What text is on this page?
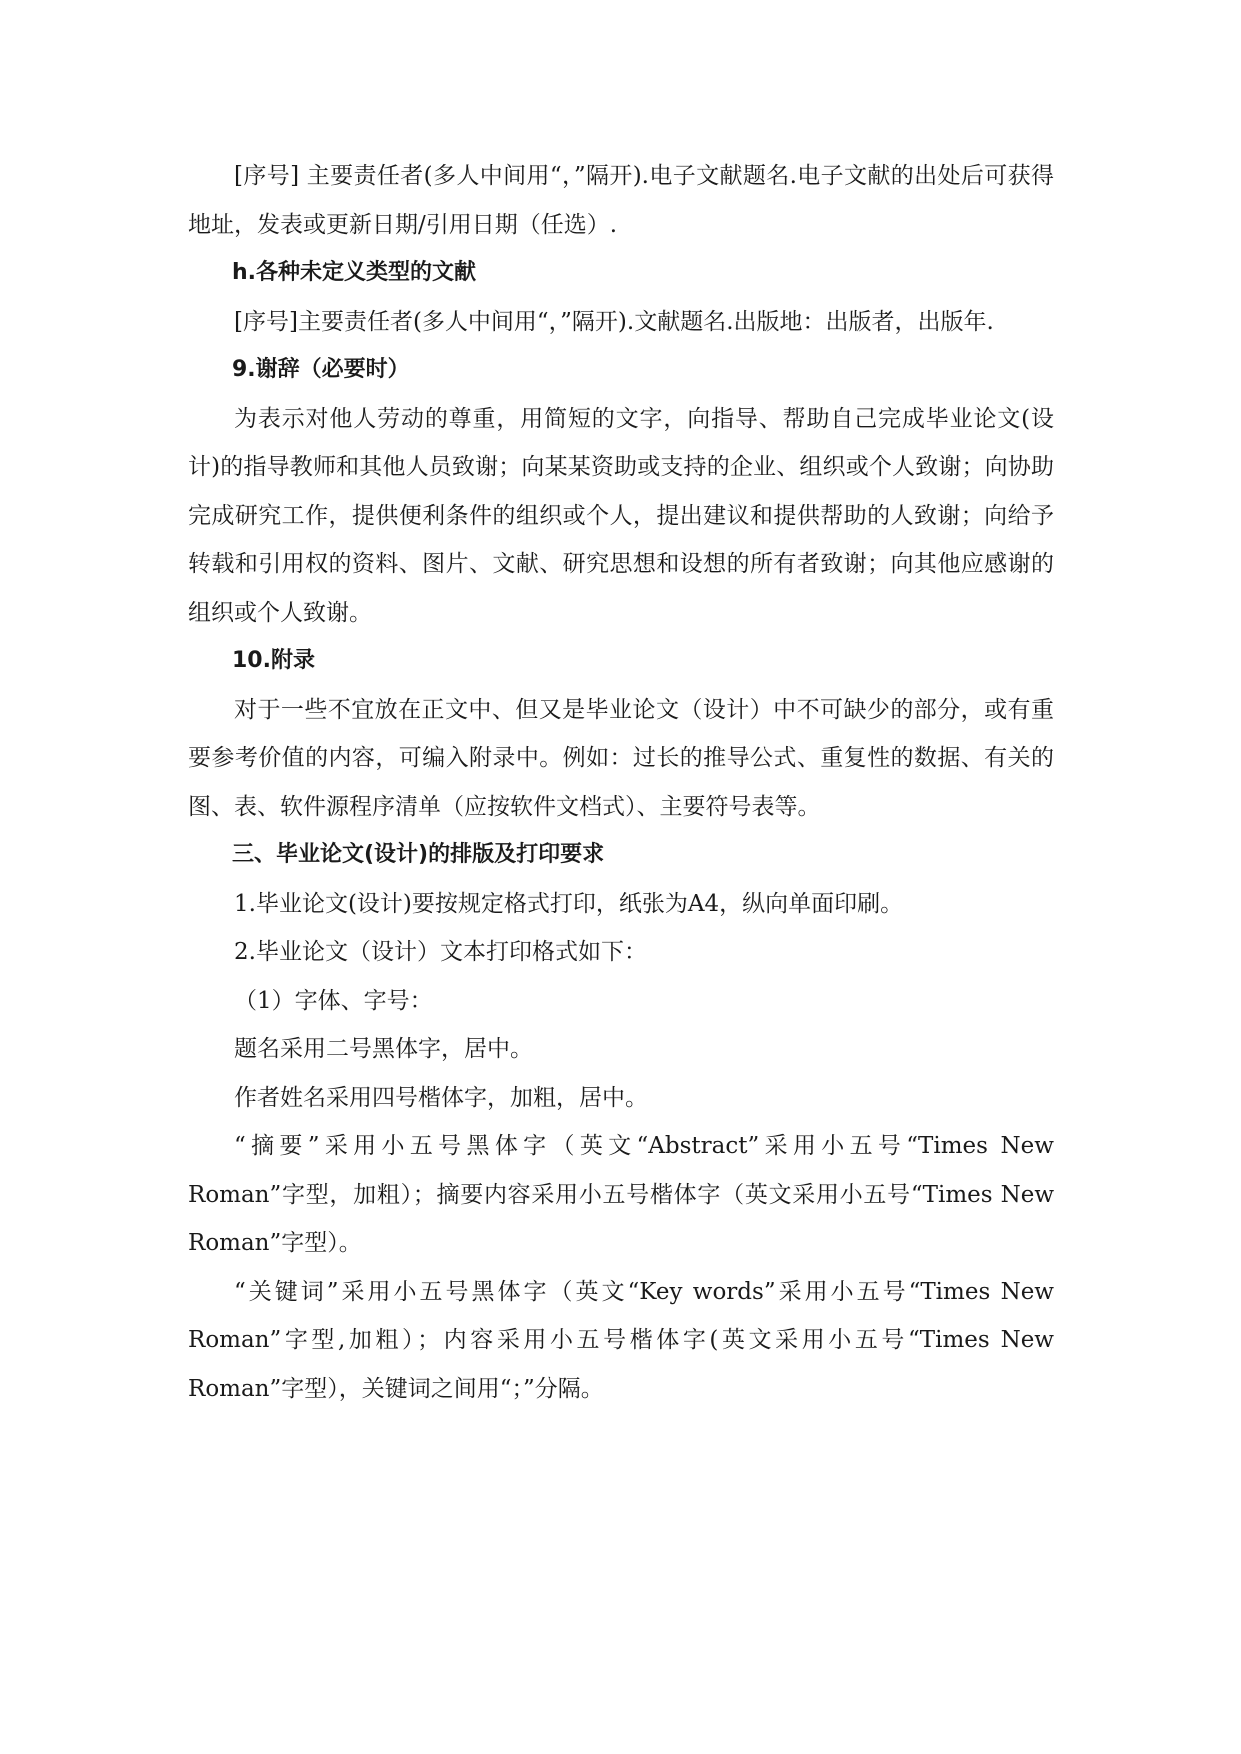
[序号] 主要责任者(多人中间用“，”隔开).电子文献题名.电子文献的出处后可获得地址，发表或更新日期/引用日期（任选）.

h.各种未定义类型的文献

[序号]主要责任者(多人中间用“，”隔开).文献题名.出版地：出版者，出版年.

9.谢辞（必要时）

为表示对他人劳动的尊重，用简短的文字，向指导、帮助自己完成毕业论文(设计)的指导教师和其他人员致谢；向某某资助或支持的企业、组织或个人致谢；向协助完成研究工作，提供便利条件的组织或个人，提出建议和提供帮助的人致谢；向给予转载和引用权的资料、图片、文献、研究思想和设想的所有者致谢；向其他应感谢的组织或个人致谢。

10.附录

对于一些不宜放在正文中、但又是毕业论文（设计）中不可缺少的部分，或有重要参考价值的内容，可编入附录中。例如：过长的推导公式、重复性的数据、有关的图、表、软件源程序清单（应按软件文档式）、主要符号表等。

三、毕业论文(设计)的排版及打印要求

1.毕业论文(设计)要按规定格式打印，纸张为A4，纵向单面印刷。

2.毕业论文（设计）文本打印格式如下：

（1）字体、字号：

题名采用二号黑体字，居中。

作者姓名采用四号楷体字，加粗，居中。

“摘要”采用小五号黑体字（英文“Abstract”采用小五号“Times New Roman”字型，加粗）；摘要内容采用小五号楷体字（英文采用小五号“Times New Roman”字型）。

“关键词”采用小五号黑体字（英文“Key words”采用小五号“Times New Roman”字型,加粗）；内容采用小五号楷体字(英文采用小五号“Times New Roman”字型），关键词之间用“；”分隔。
